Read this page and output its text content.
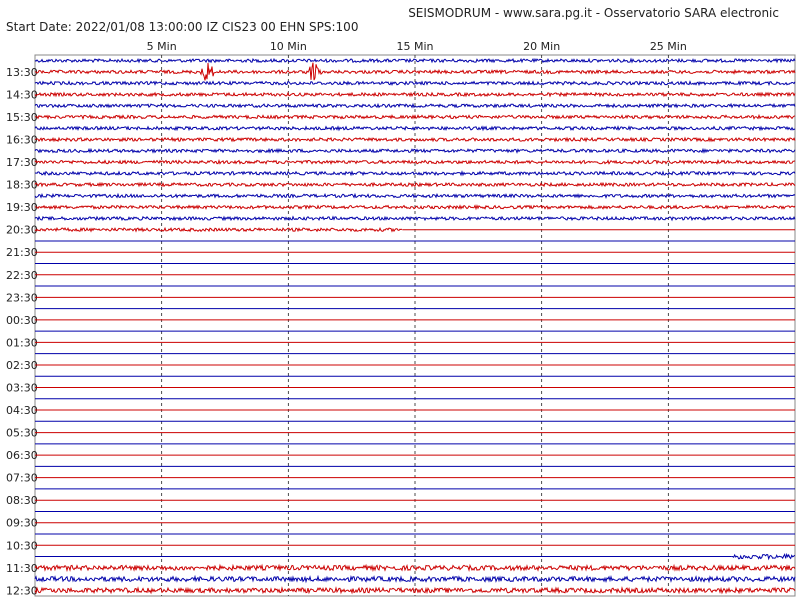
SEISMODRUM - www.sara.pg.it - Osservatorio SARA electronic
Start Date: 2022/01/08 13:00:00 IZ CIS23 00 EHN SPS:100
5 Min	10 Min	15 Min	20 Min	25 Min
13:30
14:30
15:30
16:30
17:30
18:30
19:30
20:30
21:30
22:30
23:30
00:30
01:30
02:30
03:30
04:30
05:30
06:30
07:30
08:30
09:30
10:30
11:30
12:30
